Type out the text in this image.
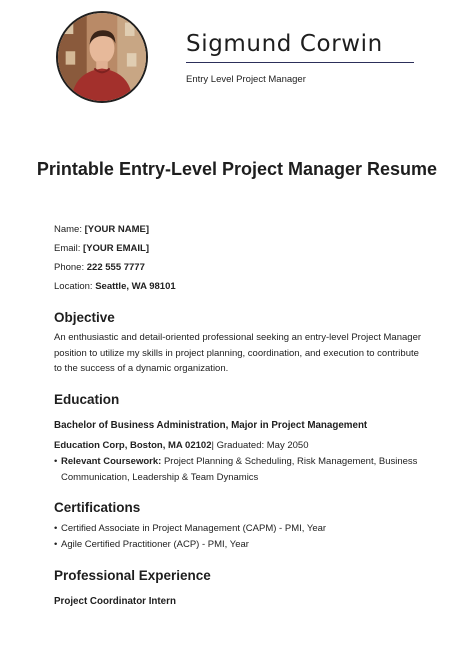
Sigmund Corwin
Entry Level Project Manager
Printable Entry-Level Project Manager Resume
Name: [YOUR NAME]
Email: [YOUR EMAIL]
Phone: 222 555 7777
Location: Seattle, WA 98101
Objective
An enthusiastic and detail-oriented professional seeking an entry-level Project Manager position to utilize my skills in project planning, coordination, and execution to contribute to the success of a dynamic organization.
Education
Bachelor of Business Administration, Major in Project Management
Education Corp, Boston, MA 02102| Graduated: May 2050
• Relevant Coursework: Project Planning & Scheduling, Risk Management, Business Communication, Leadership & Team Dynamics
Certifications
• Certified Associate in Project Management (CAPM) - PMI, Year
• Agile Certified Practitioner (ACP) - PMI, Year
Professional Experience
Project Coordinator Intern
